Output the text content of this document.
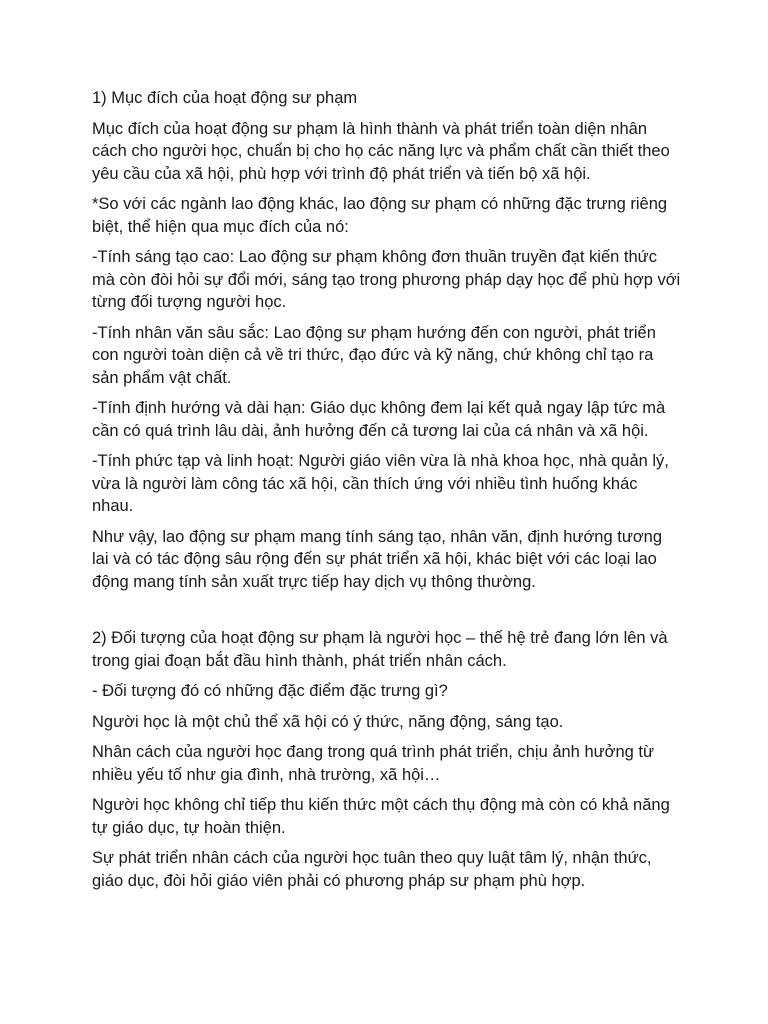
1) Mục đích của hoạt động sư phạm

Mục đích của hoạt động sư phạm là hình thành và phát triển toàn diện nhân cách cho người học, chuẩn bị cho họ các năng lực và phẩm chất cần thiết theo yêu cầu của xã hội, phù hợp với trình độ phát triển và tiến bộ xã hội.

*So với các ngành lao động khác, lao động sư phạm có những đặc trưng riêng biệt, thể hiện qua mục đích của nó:

-Tính sáng tạo cao: Lao động sư phạm không đơn thuần truyền đạt kiến thức mà còn đòi hỏi sự đổi mới, sáng tạo trong phương pháp dạy học để phù hợp với từng đối tượng người học.

-Tính nhân văn sâu sắc: Lao động sư phạm hướng đến con người, phát triển con người toàn diện cả về tri thức, đạo đức và kỹ năng, chứ không chỉ tạo ra sản phẩm vật chất.

-Tính định hướng và dài hạn: Giáo dục không đem lại kết quả ngay lập tức mà cần có quá trình lâu dài, ảnh hưởng đến cả tương lai của cá nhân và xã hội.

-Tính phức tạp và linh hoạt: Người giáo viên vừa là nhà khoa học, nhà quản lý, vừa là người làm công tác xã hội, cần thích ứng với nhiều tình huống khác nhau.

Như vậy, lao động sư phạm mang tính sáng tạo, nhân văn, định hướng tương lai và có tác động sâu rộng đến sự phát triển xã hội, khác biệt với các loại lao động mang tính sản xuất trực tiếp hay dịch vụ thông thường.

2) Đối tượng của hoạt động sư phạm là người học – thế hệ trẻ đang lớn lên và trong giai đoạn bắt đầu hình thành, phát triển nhân cách.

- Đối tượng đó có những đặc điểm đặc trưng gì?

Người học là một chủ thể xã hội có ý thức, năng động, sáng tạo.

Nhân cách của người học đang trong quá trình phát triển, chịu ảnh hưởng từ nhiều yếu tố như gia đình, nhà trường, xã hội…

Người học không chỉ tiếp thu kiến thức một cách thụ động mà còn có khả năng tự giáo dục, tự hoàn thiện.

Sự phát triển nhân cách của người học tuân theo quy luật tâm lý, nhận thức, giáo dục, đòi hỏi giáo viên phải có phương pháp sư phạm phù hợp.
